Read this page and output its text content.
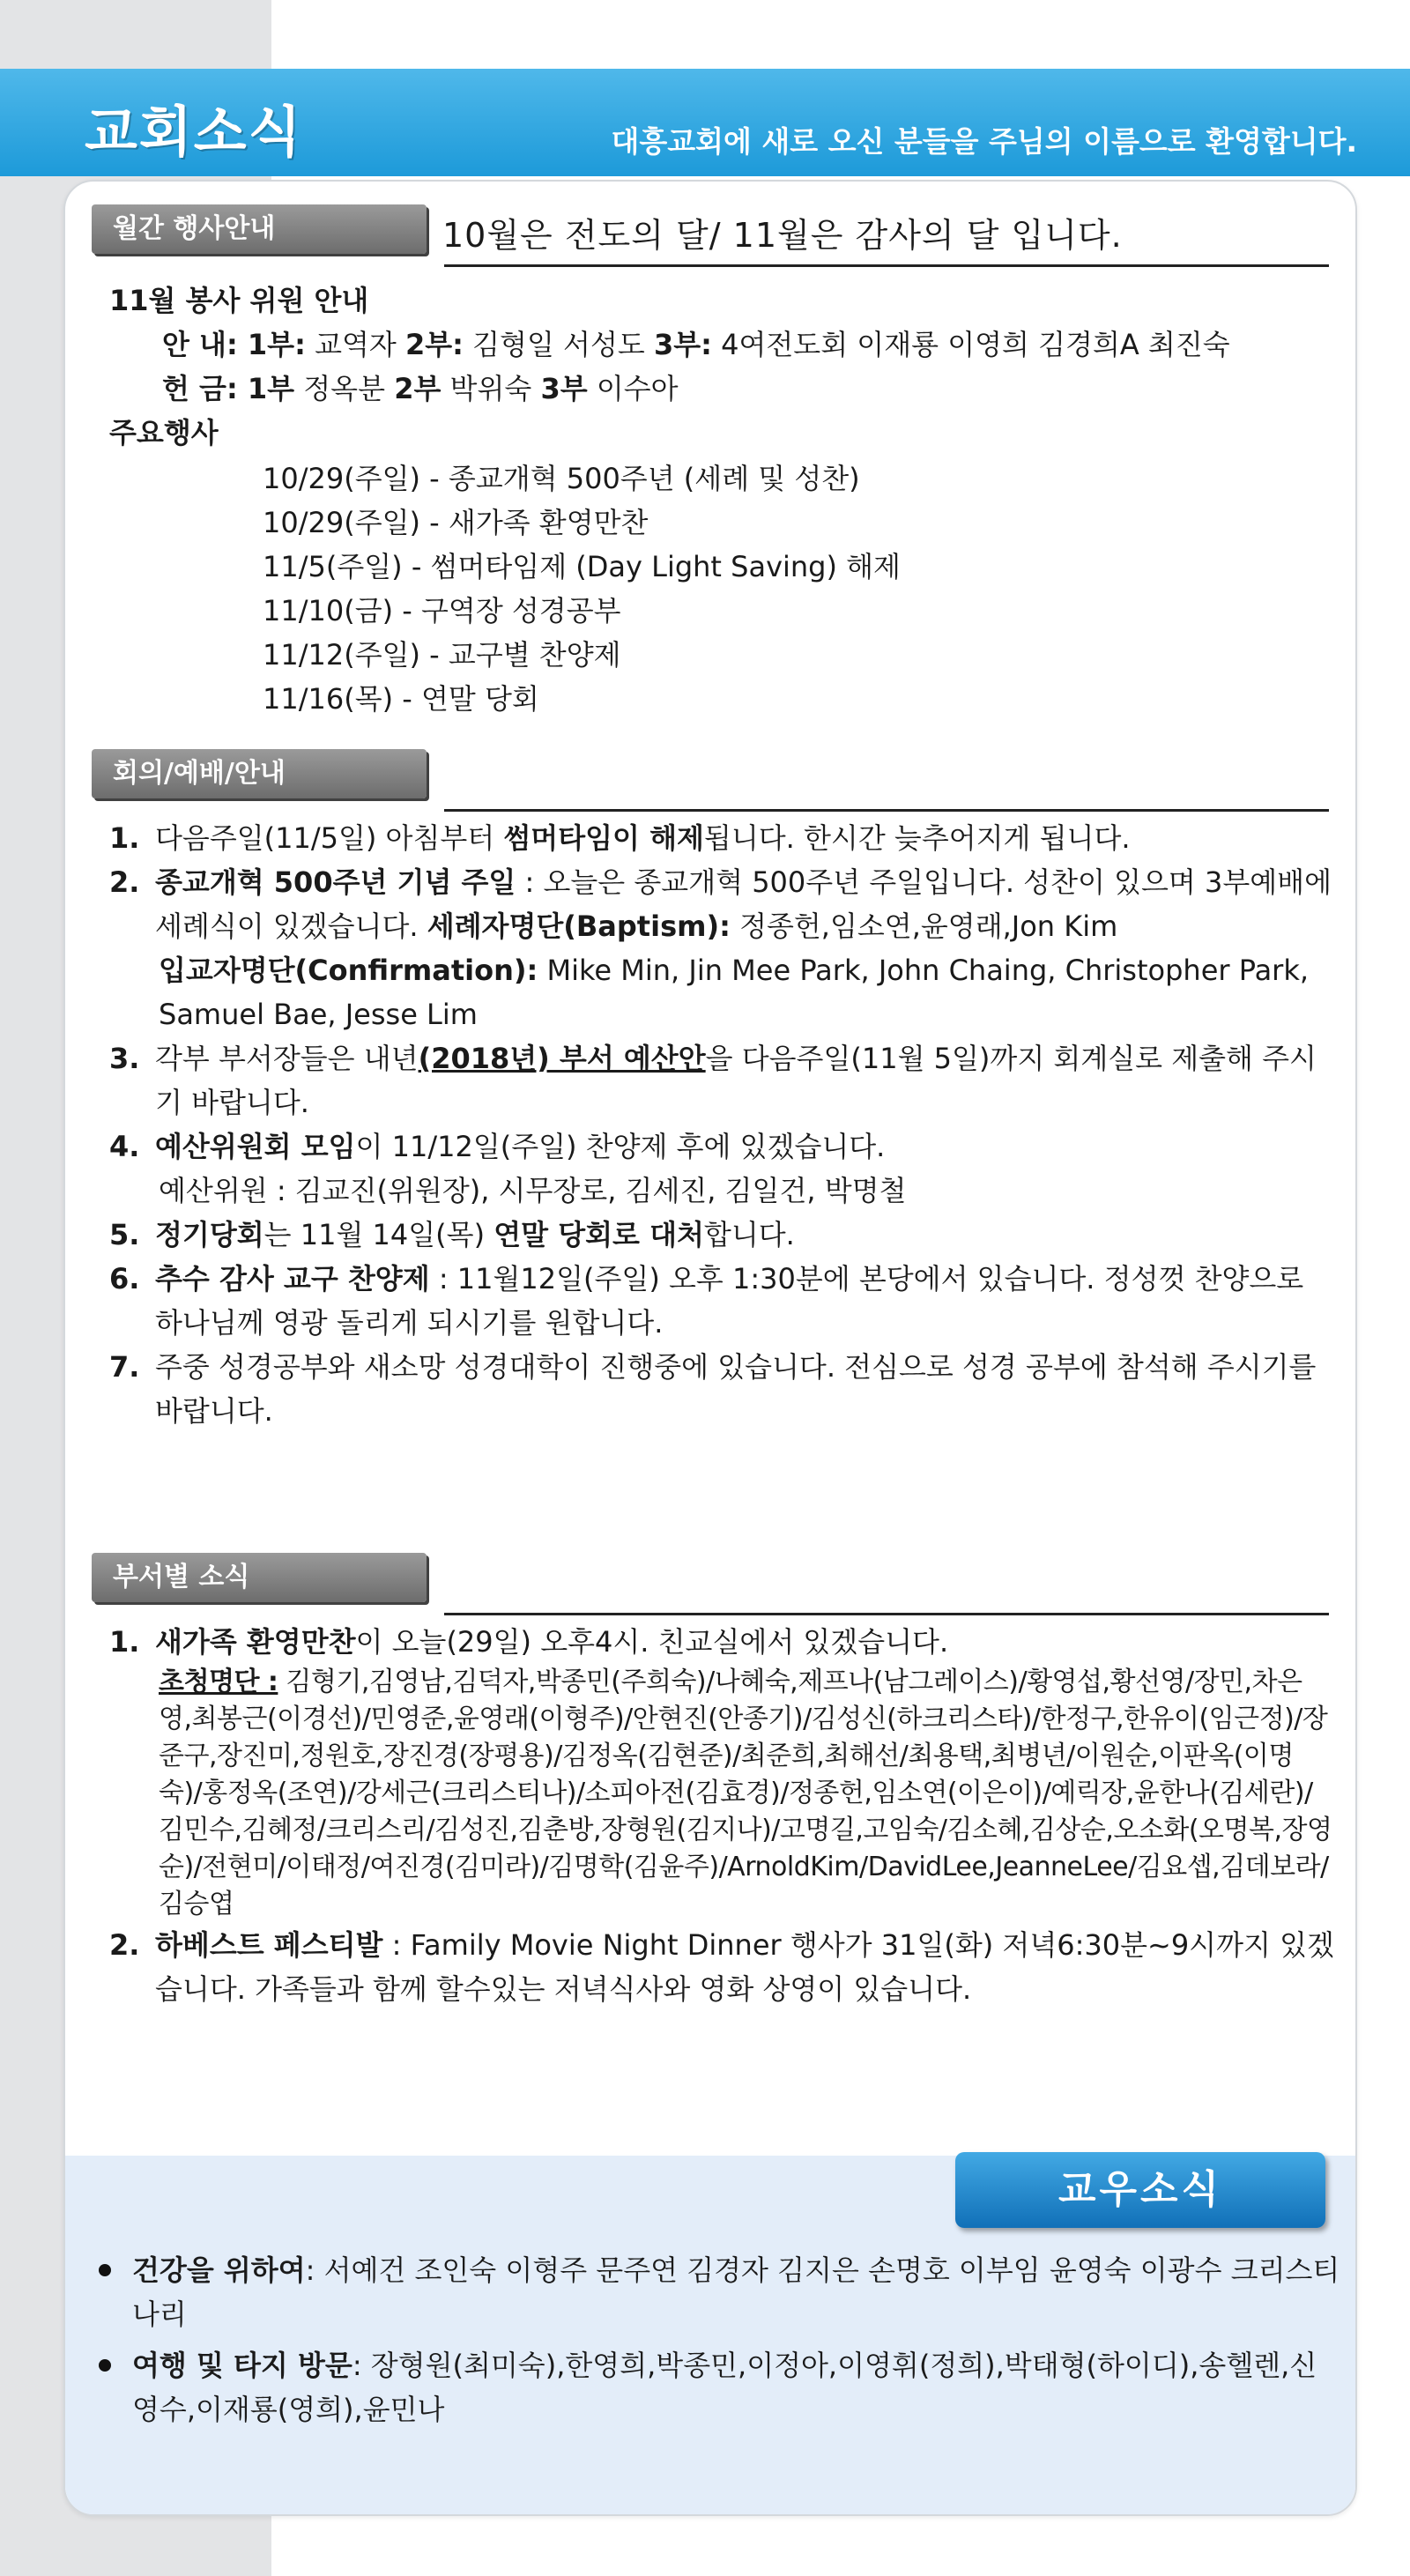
교회소식	대흥교회에 새로 오신 분들을 주님의 이름으로 환영합니다.
월간 행사안내	10월은 전도의 달/ 11월은 감사의 달 입니다.
11월 봉사 위원 안내
안 내: 1부: 교역자 2부: 김형일 서성도 3부: 4여전도회 이재룡 이영희 김경희A 최진숙
헌 금: 1부 정옥분 2부 박위숙 3부 이수아
주요행사
10/29(주일) - 종교개혁 500주년 (세례 및 성찬)
10/29(주일) - 새가족 환영만찬
11/5(주일) - 썸머타임제 (Day Light Saving) 해제
11/10(금) - 구역장 성경공부
11/12(주일) - 교구별 찬양제
11/16(목) - 연말 당회
회의/예배/안내
1. 다음주일(11/5일) 아침부터 썸머타임이 해제됩니다. 한시간 늦추어지게 됩니다.
2. 종교개혁 500주년 기념 주일 : 오늘은 종교개혁 500주년 주일입니다. 성찬이 있으며 3부예배에 세례식이 있겠습니다. 세례자명단(Baptism): 정종헌,임소연,윤영래,Jon Kim
입교자명단(Confirmation): Mike Min, Jin Mee Park, John Chaing, Christopher Park, Samuel Bae, Jesse Lim
3. 각부 부서장들은 내년(2018년) 부서 예산안을 다음주일(11월 5일)까지 회계실로 제출해 주시기 바랍니다.
4. 예산위원회 모임이 11/12일(주일) 찬양제 후에 있겠습니다.
예산위원 : 김교진(위원장), 시무장로, 김세진, 김일건, 박명철
5. 정기당회는 11월 14일(목) 연말 당회로 대처합니다.
6. 추수 감사 교구 찬양제 : 11월12일(주일) 오후 1:30분에 본당에서 있습니다. 정성껏 찬양으로 하나님께 영광 돌리게 되시기를 원합니다.
7. 주중 성경공부와 새소망 성경대학이 진행중에 있습니다. 전심으로 성경 공부에 참석해 주시기를 바랍니다.
부서별 소식
1. 새가족 환영만찬이 오늘(29일) 오후4시. 친교실에서 있겠습니다.
초청명단 : 김형기,김영남,김덕자,박종민(주희숙)/나혜숙,제프나(남그레이스)/황영섭,황선영/장민,차은영,최봉근(이경선)/민영준,윤영래(이형주)/안현진(안종기)/김성신(하크리스타)/한정구,한유이(임근정)/장준구,장진미,정원호,장진경(장평용)/김정옥(김현준)/최준희,최해선/최용택,최병년/이원순,이판옥(이명숙)/홍정옥(조연)/강세근(크리스티나)/소피아전(김효경)/정종헌,임소연(이은이)/예릭장,윤한나(김세란)/김민수,김혜정/크리스리/김성진,김춘방,장형원(김지나)/고명길,고임숙/김소혜,김상순,오소화(오명복,장영순)/전현미/이태정/여진경(김미라)/김명학(김윤주)/ArnoldKim/DavidLee,JeanneLee/김요셉,김데보라/김승엽
2. 하베스트 페스티발 : Family Movie Night Dinner 행사가 31일(화) 저녁6:30분~9시까지 있겠습니다. 가족들과 함께 할수있는 저녁식사와 영화 상영이 있습니다.
교우소식
건강을 위하여: 서예건 조인숙 이형주 문주연 김경자 김지은 손명호 이부임 윤영숙 이광수 크리스티나리
여행 및 타지 방문: 장형원(최미숙),한영희,박종민,이정아,이영휘(정희),박태형(하이디),송헬렌,신영수,이재룡(영희),윤민나
